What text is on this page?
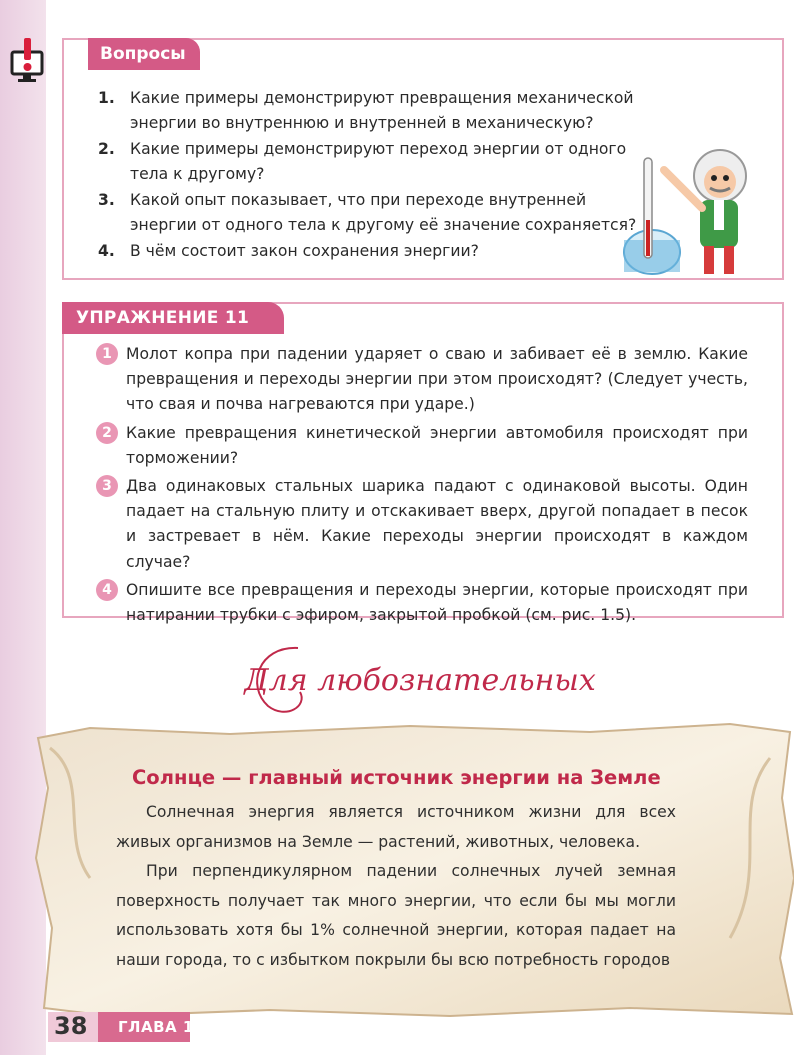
Вопросы
1. Какие примеры демонстрируют превращения механической энергии во внутреннюю и внутренней в механическую?
2. Какие примеры демонстрируют переход энергии от одного тела к другому?
3. Какой опыт показывает, что при переходе внутренней энергии от одного тела к другому её значение сохраняется?
4. В чём состоит закон сохранения энергии?
УПРАЖНЕНИЕ 11
1 Молот копра при падении ударяет о сваю и забивает её в землю. Какие превращения и переходы энергии при этом происходят? (Следует учесть, что свая и почва нагреваются при ударе.)
2 Какие превращения кинетической энергии автомобиля происходят при торможении?
3 Два одинаковых стальных шарика падают с одинаковой высоты. Один падает на стальную плиту и отскакивает вверх, другой попадает в песок и застревает в нём. Какие переходы энергии происходят в каждом случае?
4 Опишите все превращения и переходы энергии, которые происходят при натирании трубки с эфиром, закрытой пробкой (см. рис. 1.5).
Для любознательных
Солнце — главный источник энергии на Земле

Солнечная энергия является источником жизни для всех живых организмов на Земле — растений, животных, человека.

При перпендикулярном падении солнечных лучей земная поверхность получает так много энергии, что если бы мы могли использовать хотя бы 1% солнечной энергии, которая падает на наши города, то с избытком покрыли бы всю потребность городов

38 ГЛАВА 1
